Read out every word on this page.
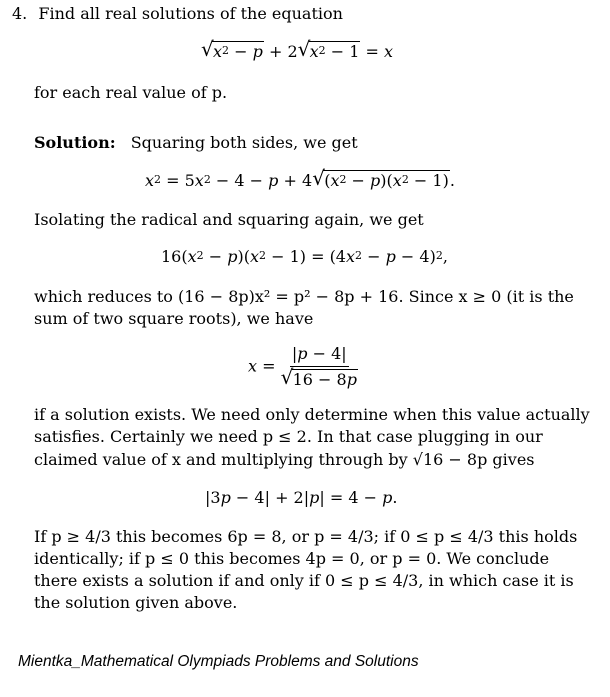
4. Find all real solutions of the equation
√ $x^2 - p + 2√$ $x^2 - 1 = x$
for each real value of p.
Solution: Squaring both sides, we get
$x^2 = 5x^2 - 4 - p + 4√$ $(x^2 - p)(x^2 - 1)$.
Isolating the radical and squaring again, we get
$16(x^2 - p)(x^2 - 1) = (4x^2 - p - 4)^2$,
which reduces to (16 − 8p)x² = p² − 8p + 16. Since x ≥ 0 (it is the
sum of two square roots), we have
x = |p − 4|
√ 16 − 8p
if a solution exists. We need only determine when this value actually
satisfies. Certainly we need p ≤ 2. In that case plugging in our
claimed value of x and multiplying through by √16 − 8p gives
|3p − 4| + 2|p| = 4 − p.
If p ≥ 4/3 this becomes 6p = 8, or p = 4/3; if 0 ≤ p ≤ 4/3 this holds
identically; if p ≤ 0 this becomes 4p = 0, or p = 0. We conclude
there exists a solution if and only if 0 ≤ p ≤ 4/3, in which case it is
the solution given above.
Mientka_Mathematical Olympiads Problems and Solutions
